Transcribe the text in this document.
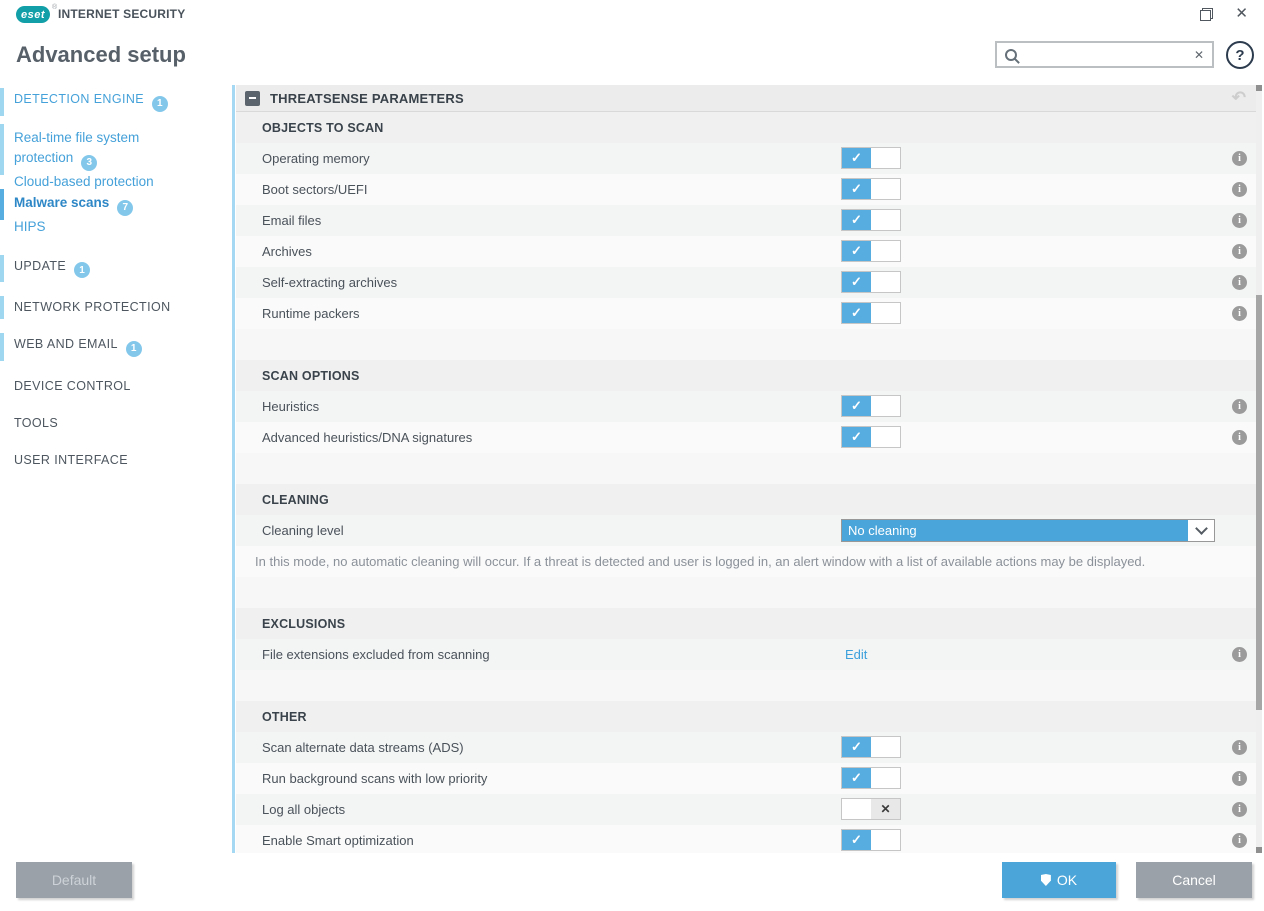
eset
® INTERNET SECURITY	✕
Advanced setup	✕ ?
DETECTION ENGINE 1
Real-time file system protection 3
Cloud-based protection
Malware scans 7
HIPS
UPDATE 1
NETWORK PROTECTION
WEB AND EMAIL 1
DEVICE CONTROL
TOOLS
USER INTERFACE
THREATSENSE PARAMETERS	↶
OBJECTS TO SCAN
Operating memory	✓	i
Boot sectors/UEFI	✓	i
Email files	✓	i
Archives	✓	i
Self-extracting archives	✓	i
Runtime packers	✓	i
SCAN OPTIONS
Heuristics	✓	i
Advanced heuristics/DNA signatures	✓	i
CLEANING
Cleaning level	No cleaning
In this mode, no automatic cleaning will occur. If a threat is detected and user is logged in, an alert window with a list of available actions may be displayed.
EXCLUSIONS
File extensions excluded from scanning	Edit	i
OTHER
Scan alternate data streams (ADS)	✓	i
Run background scans with low priority	✓	i
Log all objects	✕	i
Enable Smart optimization	✓	i
Default	OK	Cancel
